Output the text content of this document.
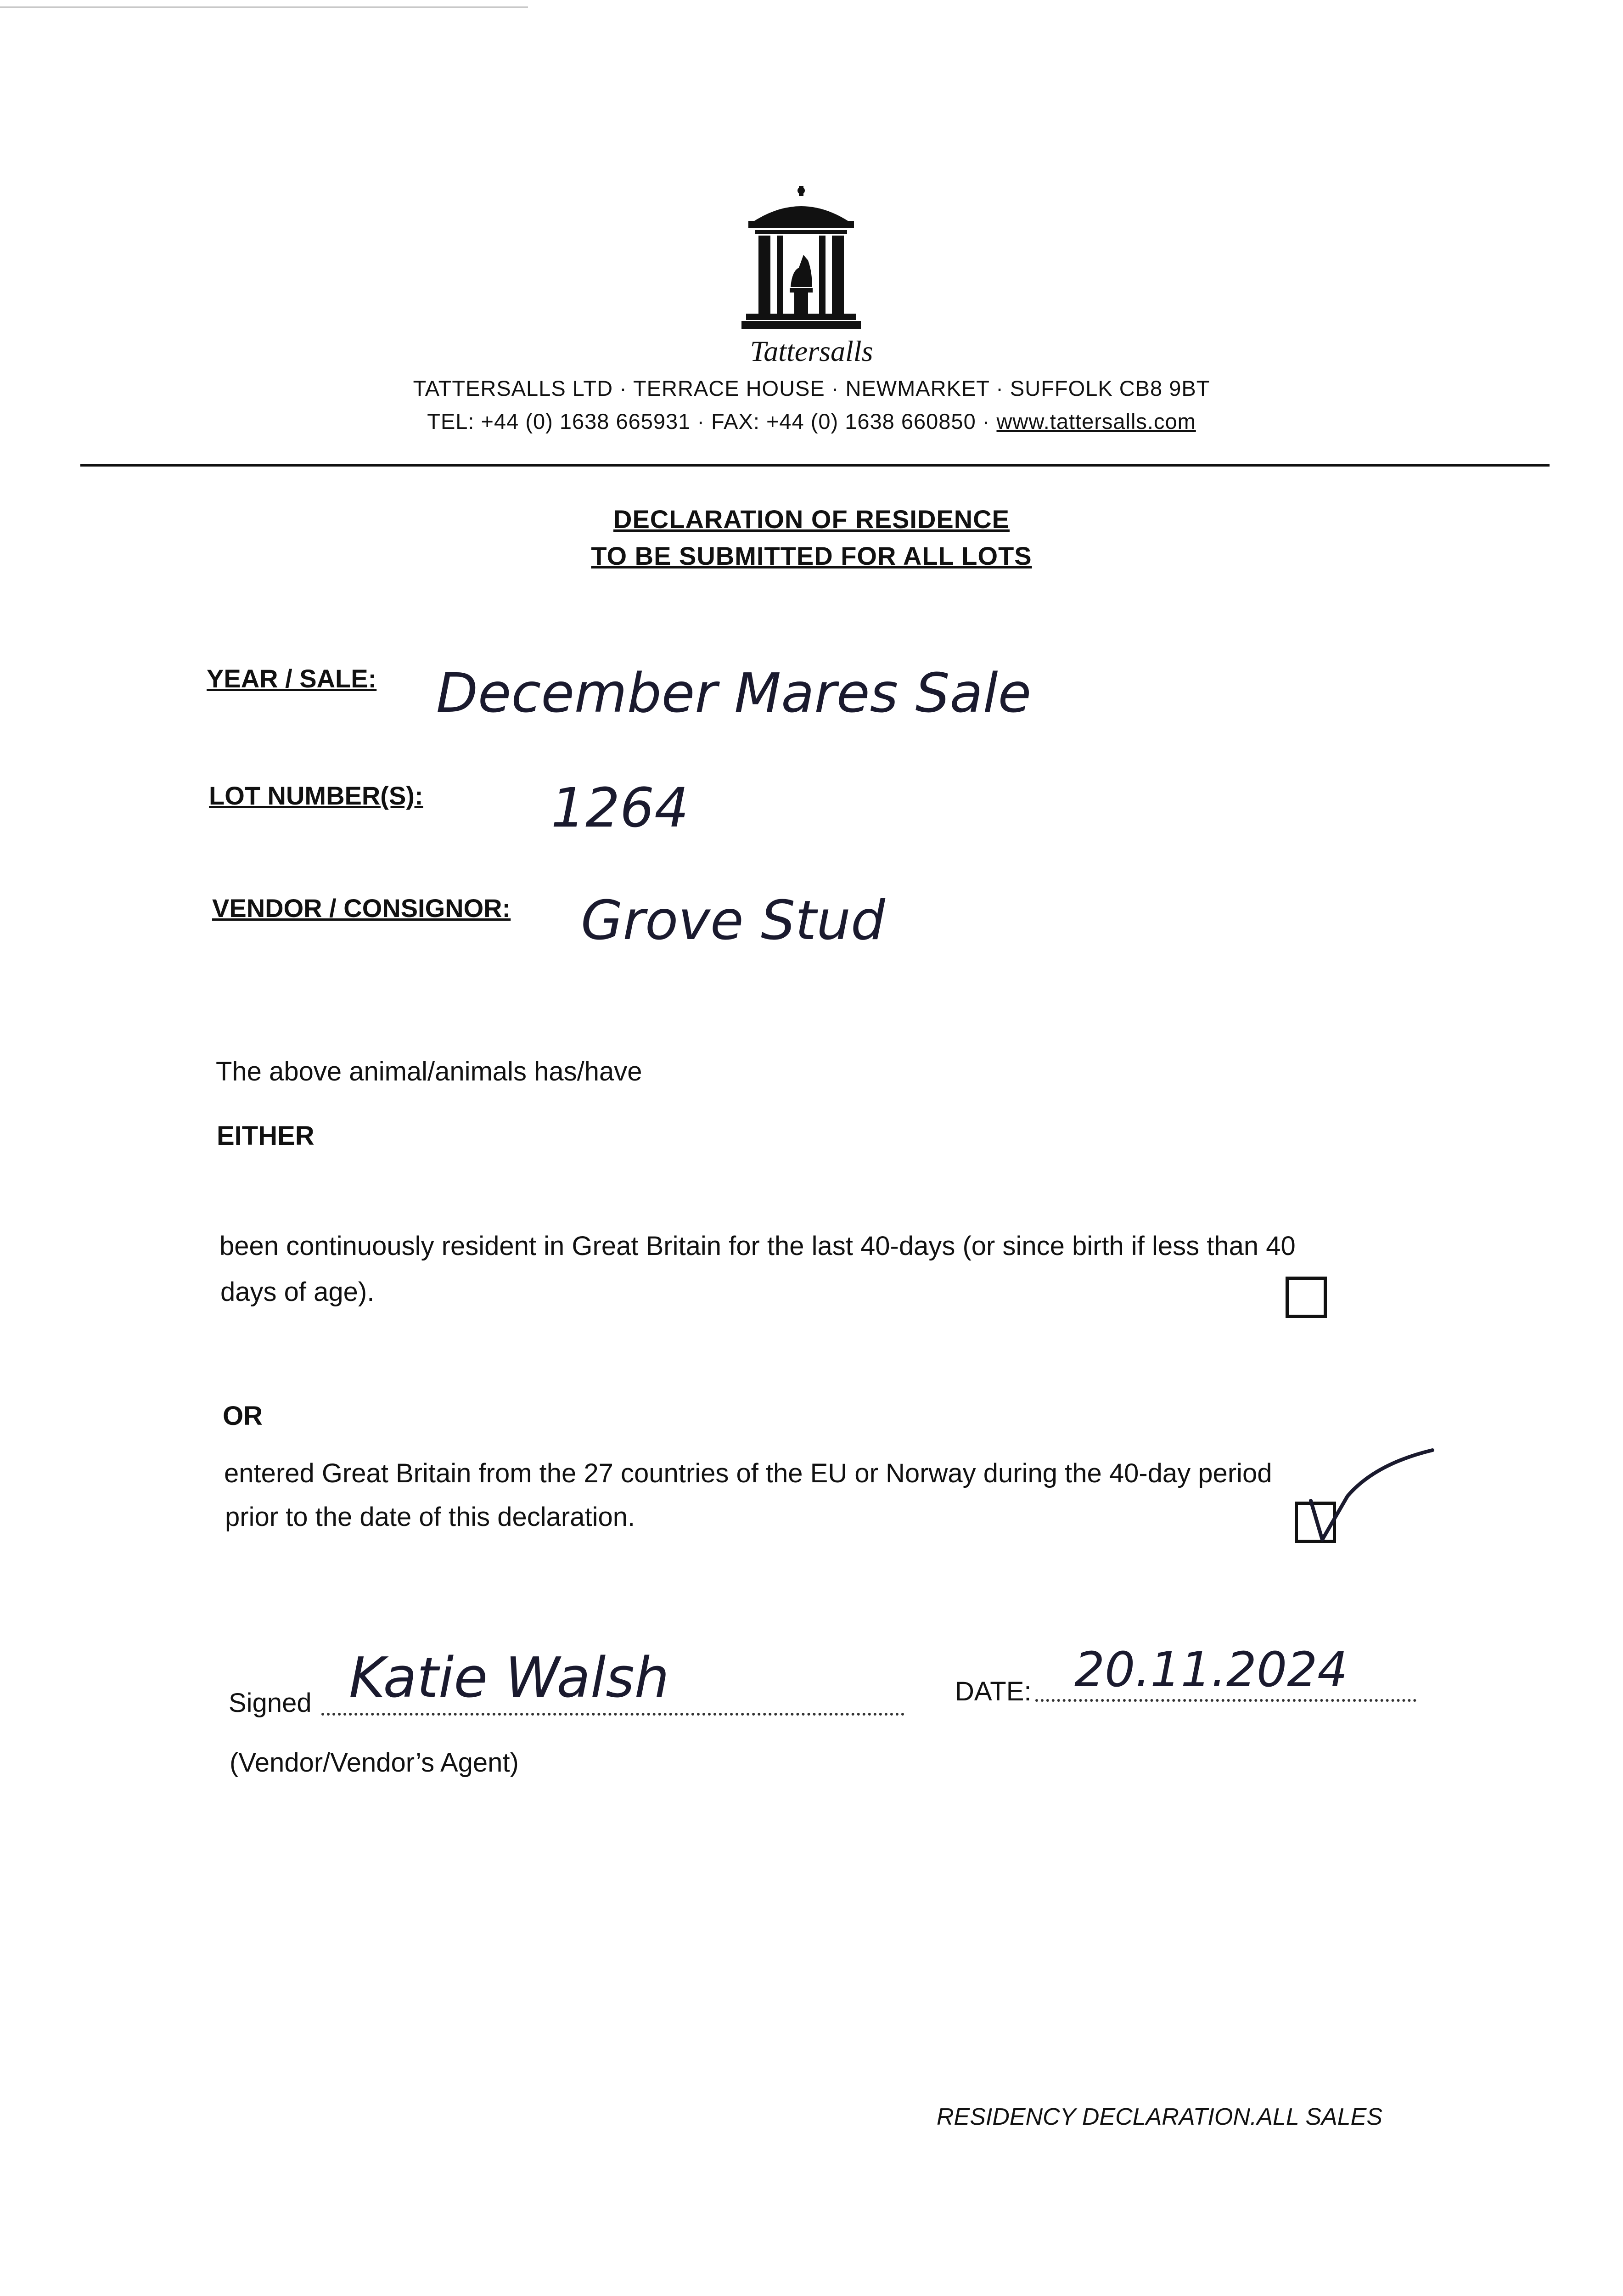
Tattersalls
TATTERSALLS LTD · TERRACE HOUSE · NEWMARKET · SUFFOLK CB8 9BT
TEL: +44 (0) 1638 665931 · FAX: +44 (0) 1638 660850 · www.tattersalls.com
DECLARATION OF RESIDENCE
TO BE SUBMITTED FOR ALL LOTS
YEAR / SALE: December Mares Sale
LOT NUMBER(S): 1264
VENDOR / CONSIGNOR: Grove Stud
The above animal/animals has/have
EITHER
been continuously resident in Great Britain for the last 40-days (or since birth if less than 40
days of age).
OR
entered Great Britain from the 27 countries of the EU or Norway during the 40-day period
prior to the date of this declaration.
Signed Katie Walsh	DATE: 20.11.2024
(Vendor/Vendor’s Agent)
RESIDENCY DECLARATION.ALL SALES
